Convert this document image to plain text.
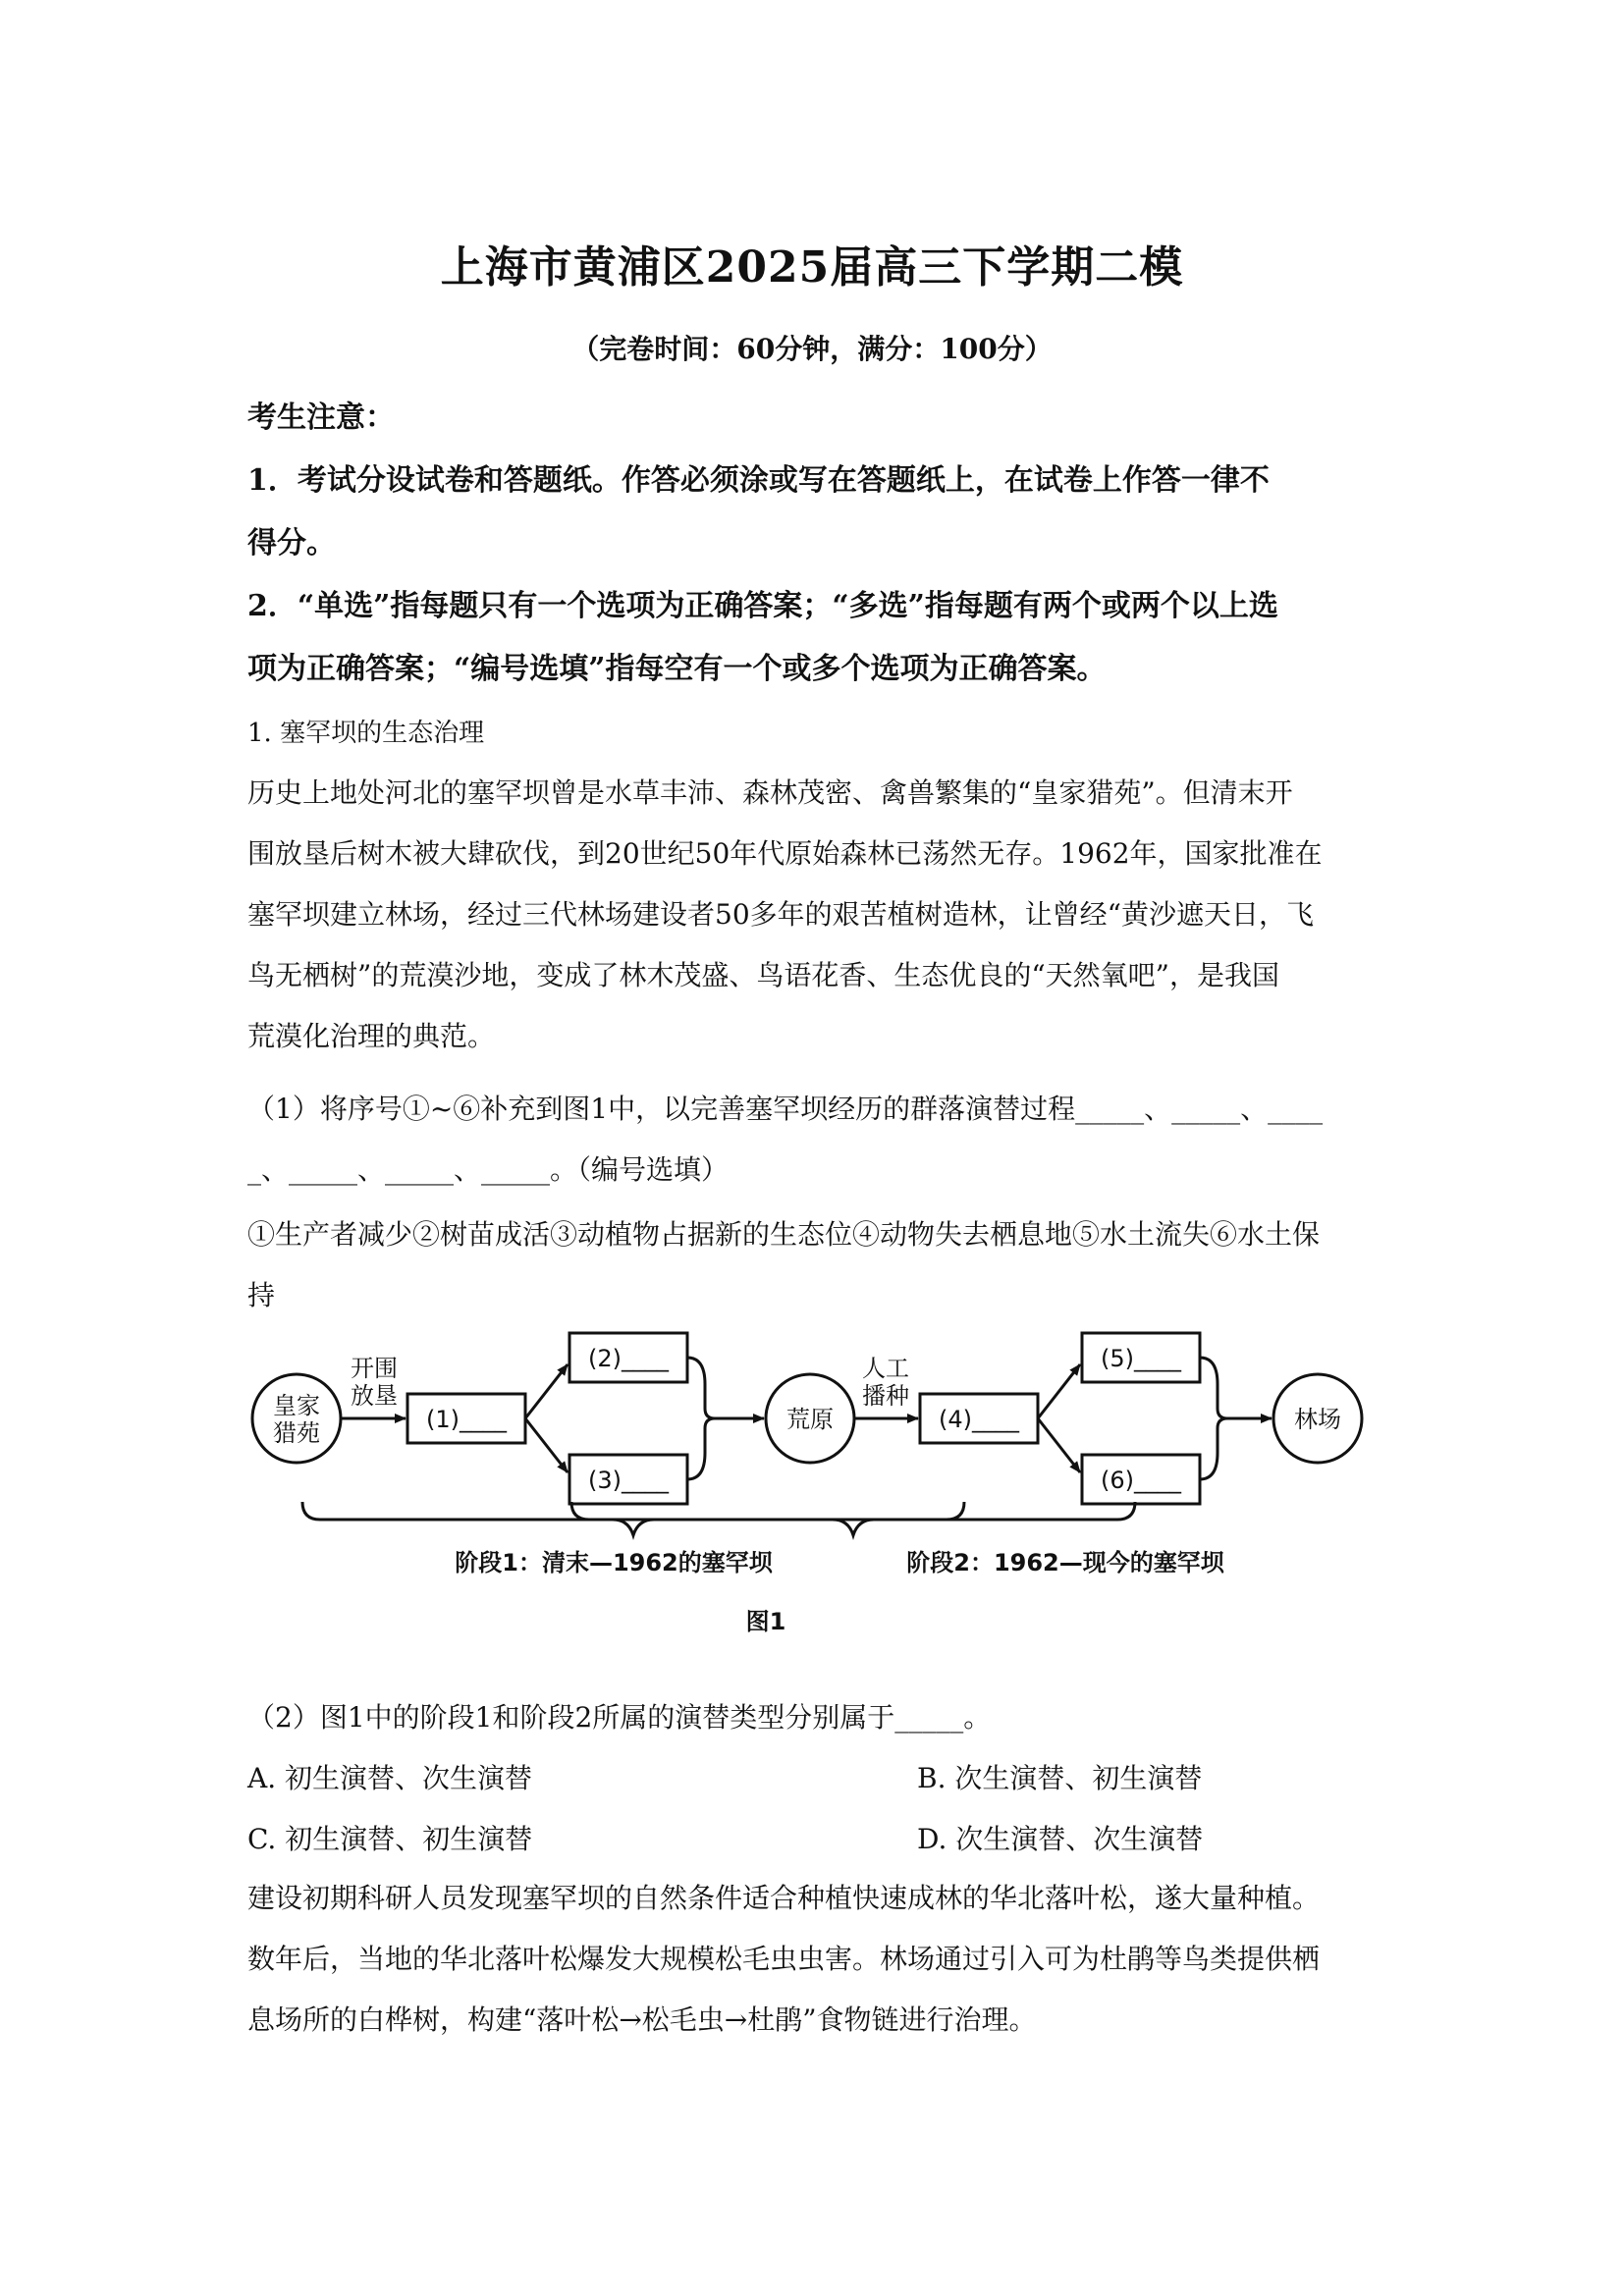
上海市黄浦区2025届高三下学期二模
（完卷时间：60分钟，满分：100分）
考生注意：
1．考试分设试卷和答题纸。作答必须涂或写在答题纸上，在试卷上作答一律不
得分。
2．“单选”指每题只有一个选项为正确答案；“多选”指每题有两个或两个以上选
项为正确答案；“编号选填”指每空有一个或多个选项为正确答案。
1. 塞罕坝的生态治理
历史上地处河北的塞罕坝曾是水草丰沛、森林茂密、禽兽繁集的“皇家猎苑”。但清末开
围放垦后树木被大肆砍伐，到20世纪50年代原始森林已荡然无存。1962年，国家批准在
塞罕坝建立林场，经过三代林场建设者50多年的艰苦植树造林，让曾经“黄沙遮天日，飞
鸟无栖树”的荒漠沙地，变成了林木茂盛、鸟语花香、生态优良的“天然氧吧”，是我国
荒漠化治理的典范。
（1）将序号①~⑥补充到图1中，以完善塞罕坝经历的群落演替过程_____、_____、____
_、_____、_____、_____。（编号选填）
①生产者减少②树苗成活③动植物占据新的生态位④动物失去栖息地⑤水土流失⑥水土保
持
皇家
猎苑
开围
放垦
(1)____
(2)____
(3)____
荒原
人工
播种
(4)____
(5)____
(6)____
林场
阶段1：清末—1962的塞罕坝	阶段2：1962—现今的塞罕坝
图1
（2）图1中的阶段1和阶段2所属的演替类型分别属于_____。
A. 初生演替、次生演替	B. 次生演替、初生演替
C. 初生演替、初生演替	D. 次生演替、次生演替
建设初期科研人员发现塞罕坝的自然条件适合种植快速成林的华北落叶松，遂大量种植。
数年后，当地的华北落叶松爆发大规模松毛虫虫害。林场通过引入可为杜鹃等鸟类提供栖
息场所的白桦树，构建“落叶松→松毛虫→杜鹃”食物链进行治理。
